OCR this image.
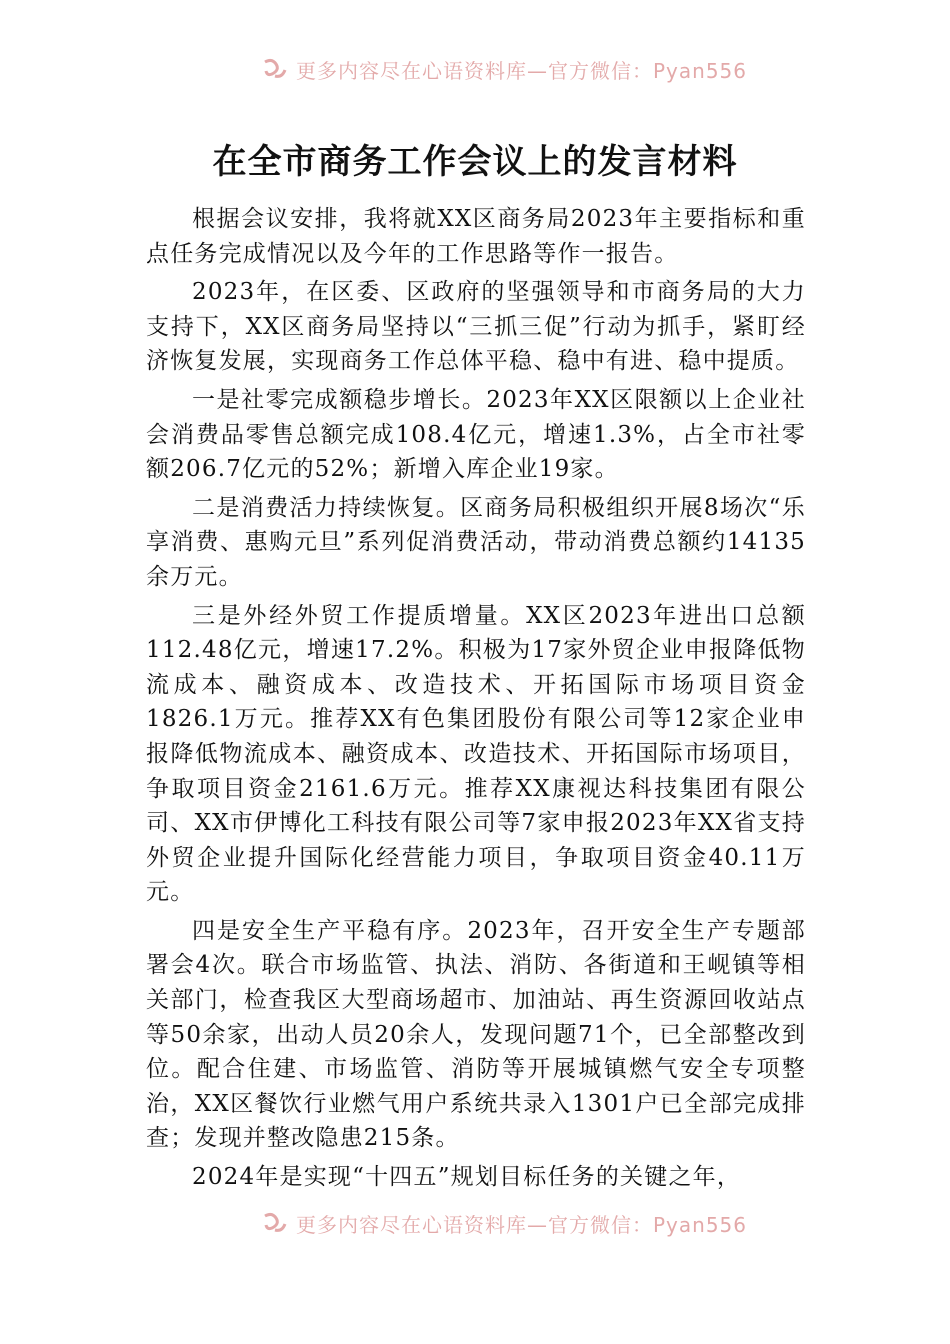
更多内容尽在心语资料库—官方微信：Pyan556
在全市商务工作会议上的发言材料

根据会议安排，我将就XX区商务局2023年主要指标和重点任务完成情况以及今年的工作思路等作一报告。

2023年，在区委、区政府的坚强领导和市商务局的大力支持下，XX区商务局坚持以“三抓三促”行动为抓手，紧盯经济恢复发展，实现商务工作总体平稳、稳中有进、稳中提质。

一是社零完成额稳步增长。2023年XX区限额以上企业社会消费品零售总额完成108.4亿元，增速1.3%，占全市社零额206.7亿元的52%；新增入库企业19家。

二是消费活力持续恢复。区商务局积极组织开展8场次“乐享消费、惠购元旦”系列促消费活动，带动消费总额约14135余万元。

三是外经外贸工作提质增量。XX区2023年进出口总额112.48亿元，增速17.2%。积极为17家外贸企业申报降低物流成本、融资成本、改造技术、开拓国际市场项目资金1826.1万元。推荐XX有色集团股份有限公司等12家企业申报降低物流成本、融资成本、改造技术、开拓国际市场项目，争取项目资金2161.6万元。推荐XX康视达科技集团有限公司、XX市伊博化工科技有限公司等7家申报2023年XX省支持外贸企业提升国际化经营能力项目，争取项目资金40.11万元。

四是安全生产平稳有序。2023年，召开安全生产专题部署会4次。联合市场监管、执法、消防、各街道和王岘镇等相关部门，检查我区大型商场超市、加油站、再生资源回收站点等50余家，出动人员20余人，发现问题71个，已全部整改到位。配合住建、市场监管、消防等开展城镇燃气安全专项整治，XX区餐饮行业燃气用户系统共录入1301户已全部完成排查；发现并整改隐患215条。

2024年是实现“十四五”规划目标任务的关键之年，

更多内容尽在心语资料库—官方微信：Pyan556
